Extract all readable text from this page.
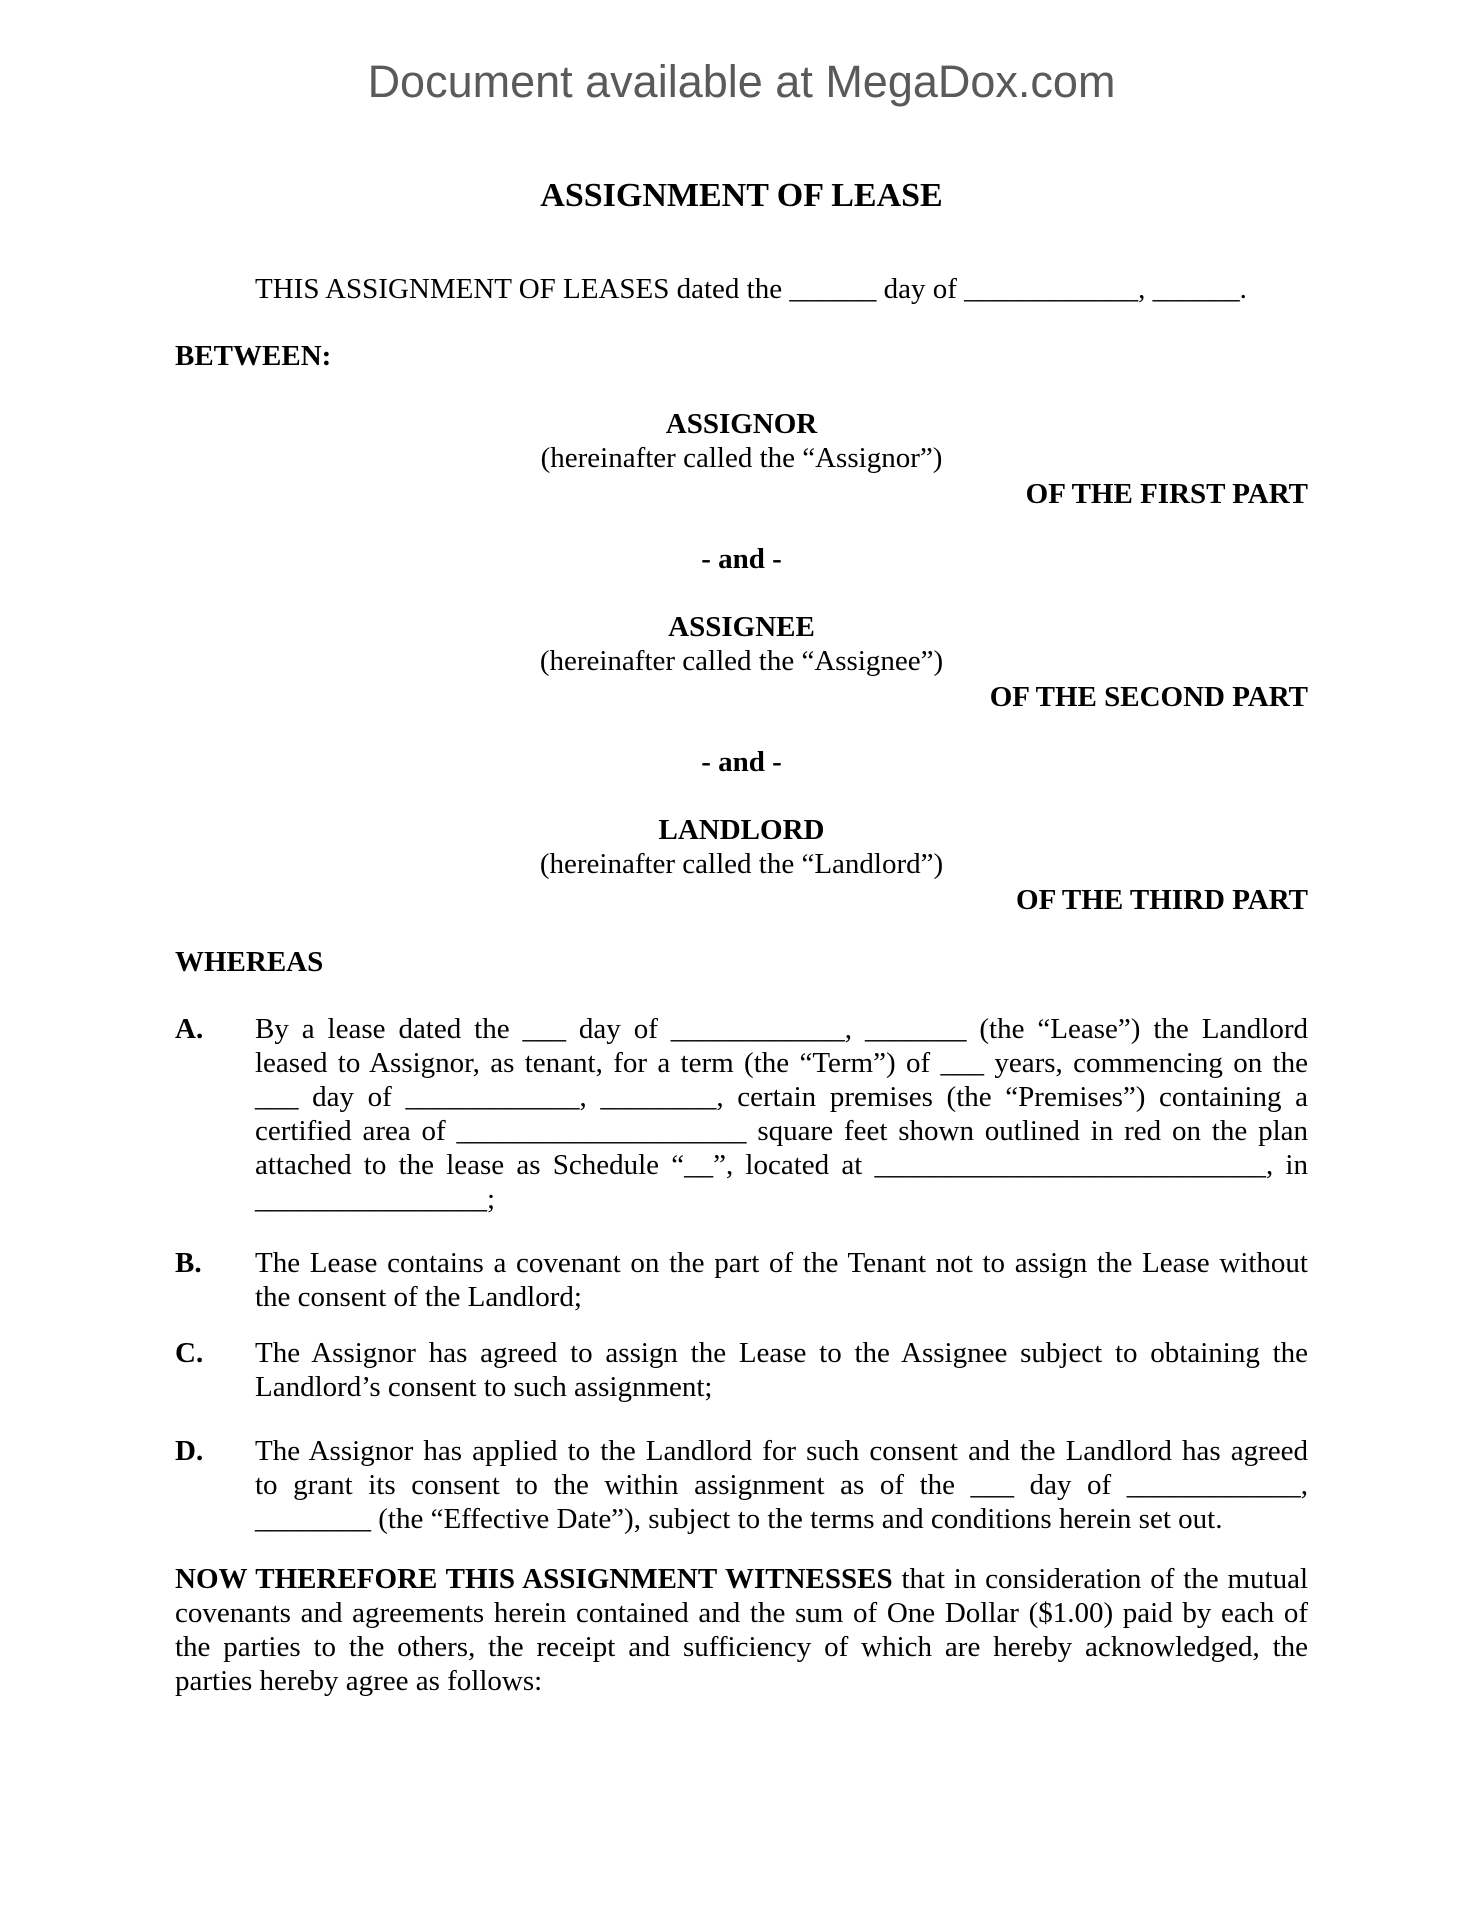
Document available at MegaDox.com
ASSIGNMENT OF LEASE

THIS ASSIGNMENT OF LEASES dated the ______ day of ____________, ______.

BETWEEN:

ASSIGNOR
(hereinafter called the “Assignor”)
OF THE FIRST PART
- and -
ASSIGNEE
(hereinafter called the “Assignee”)
OF THE SECOND PART
- and -
LANDLORD
(hereinafter called the “Landlord”)
OF THE THIRD PART

WHEREAS

A.	By a lease dated the ___ day of ____________, _______ (the “Lease”) the Landlord
leased to Assignor, as tenant, for a term (the “Term”) of ___ years, commencing on the
___ day of ____________, ________, certain premises (the “Premises”) containing a
certified area of ____________________ square feet shown outlined in red on the plan
attached to the lease as Schedule “__”, located at ___________________________, in
________________;
B.	The Lease contains a covenant on the part of the Tenant not to assign the Lease without
the consent of the Landlord;
C.	The Assignor has agreed to assign the Lease to the Assignee subject to obtaining the
Landlord’s consent to such assignment;
D.	The Assignor has applied to the Landlord for such consent and the Landlord has agreed
to grant its consent to the within assignment as of the ___ day of ____________,
________ (the “Effective Date”), subject to the terms and conditions herein set out.
NOW THEREFORE THIS ASSIGNMENT WITNESSES that in consideration of the mutual
covenants and agreements herein contained and the sum of One Dollar ($1.00) paid by each of
the parties to the others, the receipt and sufficiency of which are hereby acknowledged, the
parties hereby agree as follows:
